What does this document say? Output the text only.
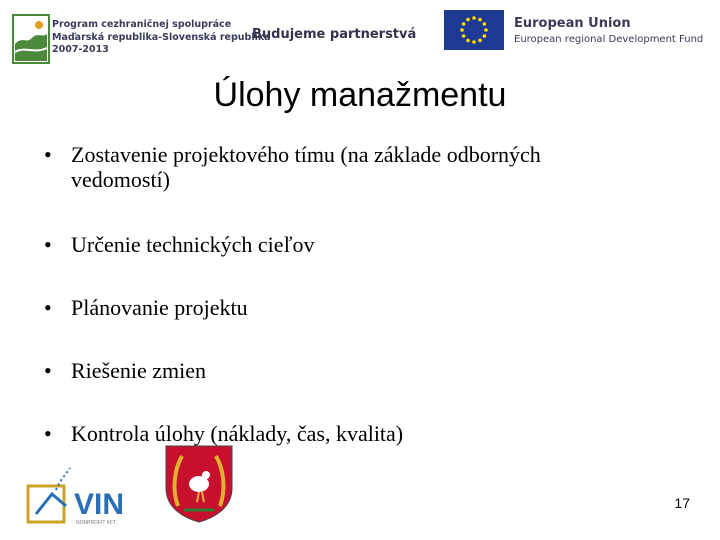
Program cezhraničnej spolupráce
Maďarská republika-Slovenská republika
2007-2013
Budujeme partnerstvá
European Union
European regional Development Fund
Úlohy manažmentu
• Zostavenie projektového tímu (na základe odborných vedomostí)
• Určenie technických cieľov
• Plánovanie projektu
• Riešenie zmien
• Kontrola úlohy (náklady, čas, kvalita)
VIN
NONPROFIT KFT.
17
